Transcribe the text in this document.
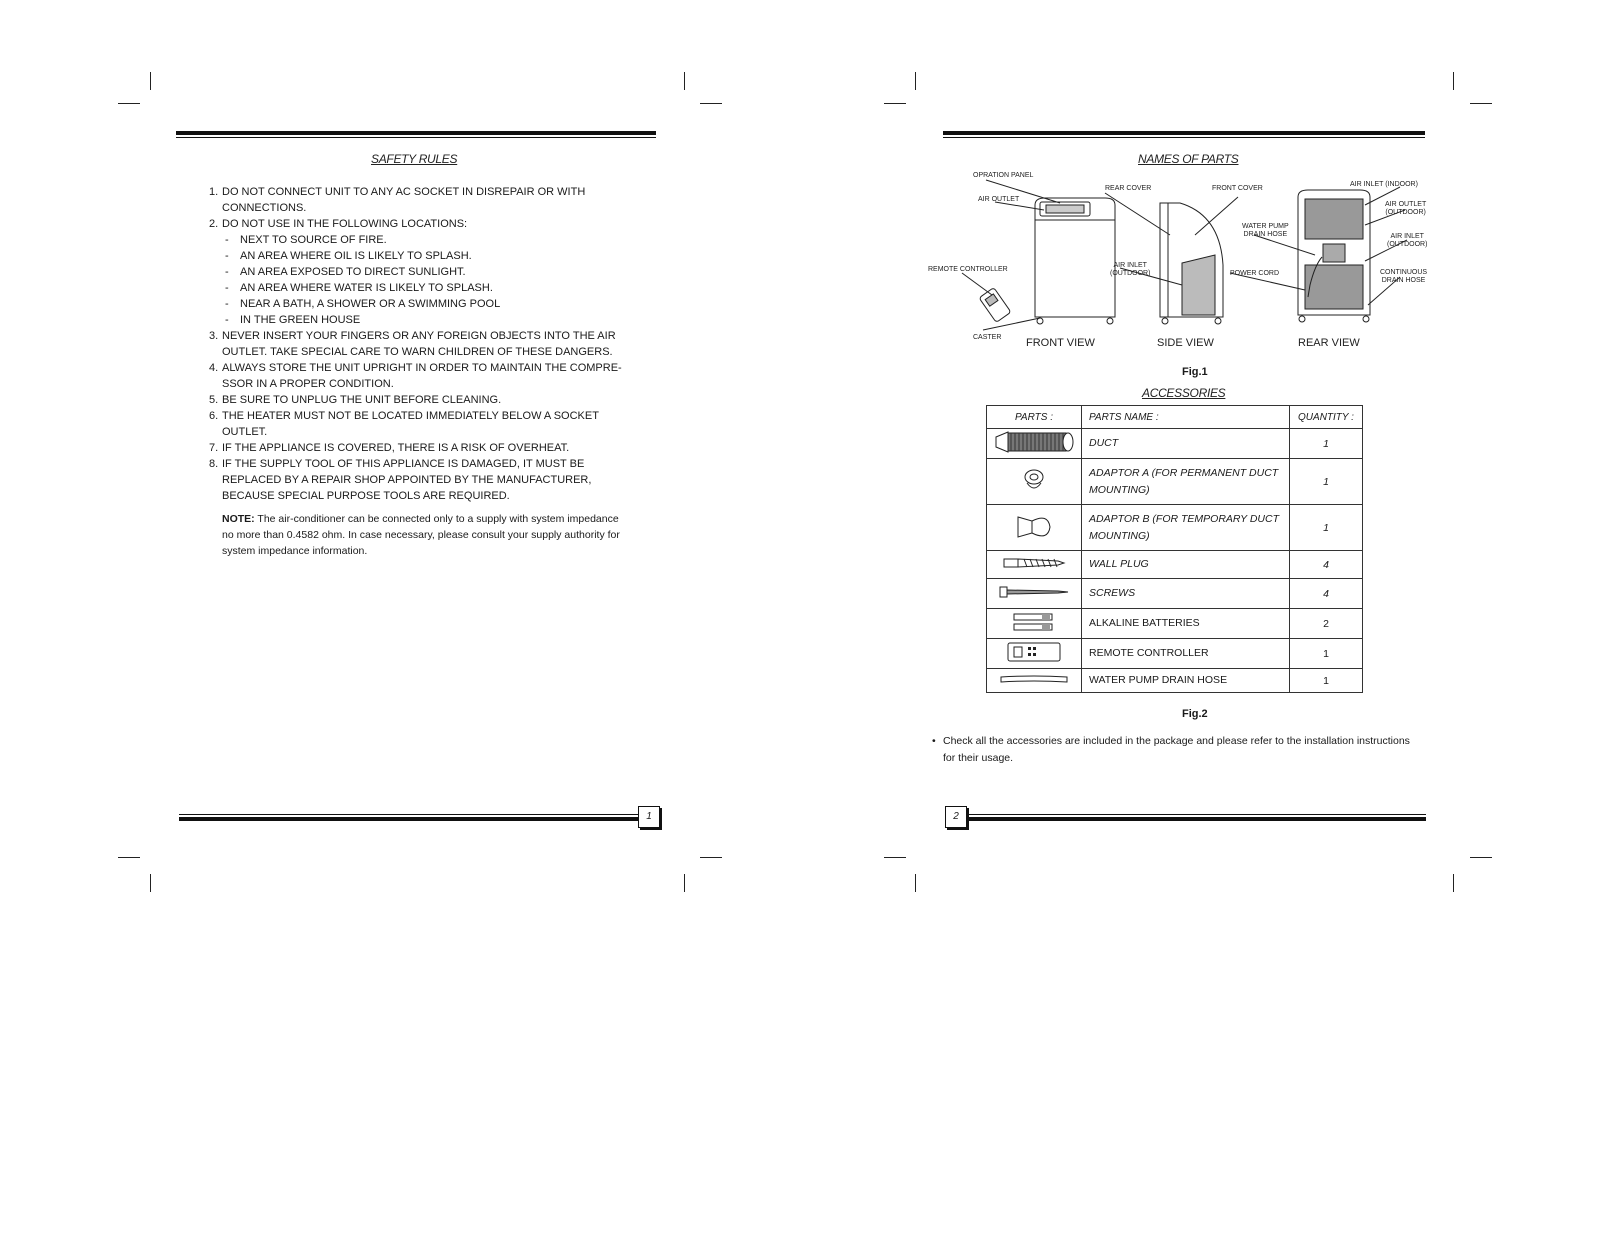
SAFETY RULES
1. DO NOT CONNECT UNIT TO ANY AC SOCKET IN DISREPAIR OR WITH CONNECTIONS.
2. DO NOT USE IN THE FOLLOWING LOCATIONS:
- NEXT TO SOURCE OF FIRE.
- AN AREA WHERE OIL IS LIKELY TO SPLASH.
- AN AREA EXPOSED TO DIRECT SUNLIGHT.
- AN AREA WHERE WATER IS LIKELY TO SPLASH.
- NEAR A BATH, A SHOWER OR A SWIMMING POOL
- IN THE GREEN HOUSE
3. NEVER INSERT YOUR FINGERS OR ANY FOREIGN OBJECTS INTO THE AIR OUTLET. TAKE SPECIAL CARE TO WARN CHILDREN OF THESE DANGERS.
4. ALWAYS STORE THE UNIT UPRIGHT IN ORDER TO MAINTAIN THE COMPRE-SSOR IN A PROPER CONDITION.
5. BE SURE TO UNPLUG THE UNIT BEFORE CLEANING.
6. THE HEATER MUST NOT BE LOCATED IMMEDIATELY BELOW A SOCKET OUTLET.
7. IF THE APPLIANCE IS COVERED, THERE IS A RISK OF OVERHEAT.
8. IF THE SUPPLY TOOL OF THIS APPLIANCE IS DAMAGED, IT MUST BE REPLACED BY A REPAIR SHOP APPOINTED BY THE MANUFACTURER, BECAUSE SPECIAL PURPOSE TOOLS ARE REQUIRED.
NOTE: The air-conditioner can be connected only to a supply with system impedance no more than 0.4582 ohm. In case necessary, please consult your supply authority for system impedance information.
1
NAMES OF PARTS
OPRATION PANEL
AIR OUTLET
REMOTE CONTROLLER
CASTER
REAR COVER	FRONT COVER
AIR INLET
(OUTDOOR)
WATER PUMP
DRAIN HOSE
POWER CORD
AIR INLET (INDOOR)
AIR OUTLET
(OUTDOOR)
AIR INLET
(OUTDOOR)
CONTINUOUS
DRAIN HOSE
FRONT VIEW	SIDE VIEW	REAR VIEW
Fig.1
ACCESSORIES
PARTS :	PARTS NAME :	QUANTITY :
	DUCT	1
	ADAPTOR A (FOR PERMANENT DUCT MOUNTING)	1
	ADAPTOR B (FOR TEMPORARY DUCT MOUNTING)	1
	WALL PLUG	4
	SCREWS	4
	ALKALINE BATTERIES	2
	REMOTE CONTROLLER	1
	WATER PUMP DRAIN HOSE	1
Fig.2
• Check all the accessories are included in the package and please refer to the installation instructions for their usage.
2
